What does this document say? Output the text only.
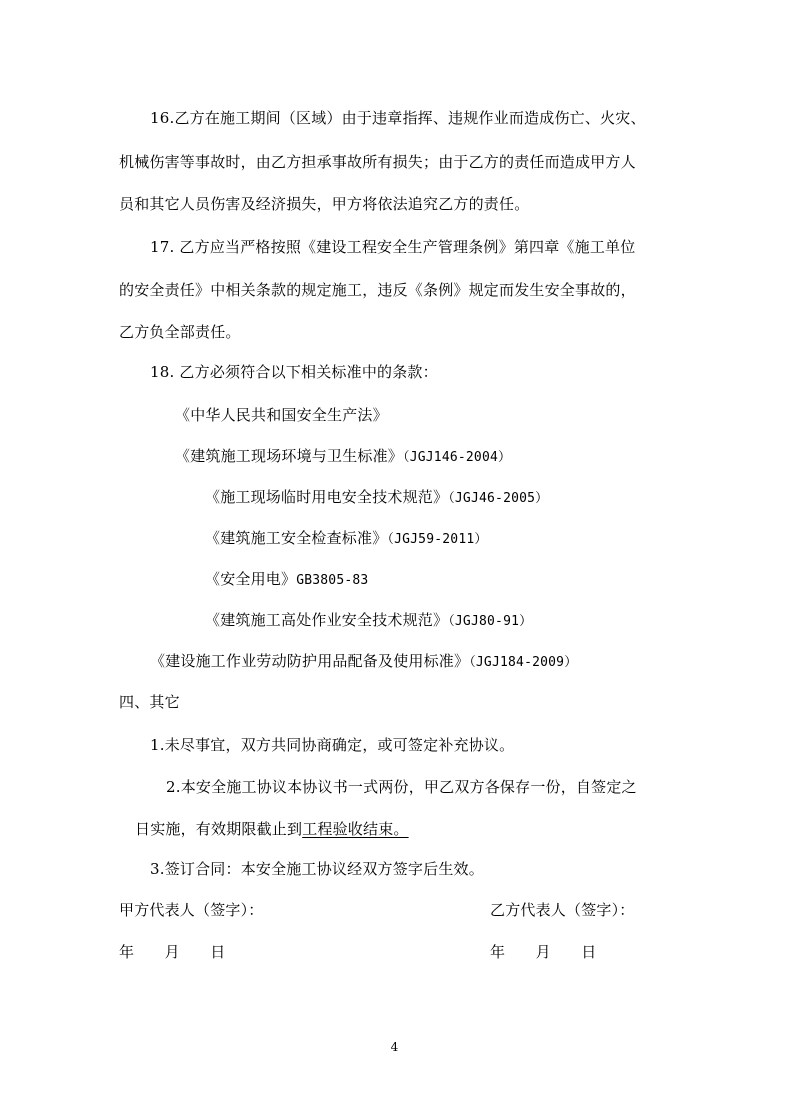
16.乙方在施工期间（区域）由于违章指挥、违规作业而造成伤亡、火灾、
机械伤害等事故时，由乙方担承事故所有损失；由于乙方的责任而造成甲方人
员和其它人员伤害及经济损失，甲方将依法追究乙方的责任。
17. 乙方应当严格按照《建设工程安全生产管理条例》第四章《施工单位
的安全责任》中相关条款的规定施工，违反《条例》规定而发生安全事故的，
乙方负全部责任。
18. 乙方必须符合以下相关标准中的条款：
《中华人民共和国安全生产法》
《建筑施工现场环境与卫生标准》（JGJ146-2004）
《施工现场临时用电安全技术规范》（JGJ46-2005）
《建筑施工安全检查标准》（JGJ59-2011）
《安全用电》GB3805-83
《建筑施工高处作业安全技术规范》（JGJ80-91）
《建设施工作业劳动防护用品配备及使用标准》（JGJ184-2009）
四、其它
1.未尽事宜，双方共同协商确定，或可签定补充协议。
2.本安全施工协议本协议书一式两份，甲乙双方各保存一份，自签定之
日实施，有效期限截止到工程验收结束。
3.签订合同：本安全施工协议经双方签字后生效。
甲方代表人（签字）：	乙方代表人（签字）：
年　　月　　日	年　　月　　日
4
